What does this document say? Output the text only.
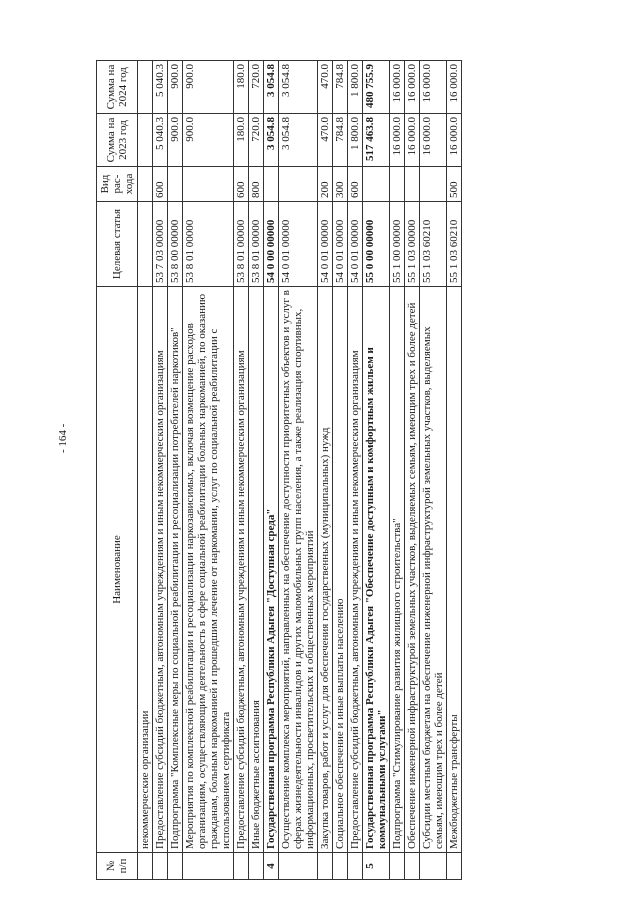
- 164 -
№ п/п	Наименование	Целевая статья	Вид рас-хода	Сумма на 2023 год	Сумма на 2024 год
	некоммерческие организации				
	Предоставление субсидий бюджетным, автономным учреждениям и иным некоммерческим организациям	53 7 03 00000	600	5 040.3	5 040.3
	Подпрограмма "Комплексные меры по социальной реабилитации и ресоциализации потребителей наркотиков"	53 8 00 00000		900.0	900.0
	Мероприятия по комплексной реабилитации и ресоциализации наркозависимых, включая возмещение расходов организациям, осуществляющим деятельность в сфере социальной реабилитации больных наркоманией, по оказанию гражданам, больным наркоманией и прошедшим лечение от наркомании, услуг по социальной реабилитации с использованием сертификата	53 8 01 00000		900.0	900.0
	Предоставление субсидий бюджетным, автономным учреждениям и иным некоммерческим организациям	53 8 01 00000	600	180.0	180.0
	Иные бюджетные ассигнования	53 8 01 00000	800	720.0	720.0
4	Государственная программа Республики Адыгея "Доступная среда"	54 0 00 00000		3 054.8	3 054.8
	Осуществление комплекса мероприятий, направленных на обеспечение доступности приоритетных объектов и услуг в сферах жизнедеятельности инвалидов и других маломобильных групп населения, а также реализация спортивных, информационных, просветительских и общественных мероприятий	54 0 01 00000		3 054.8	3 054.8
	Закупка товаров, работ и услуг для обеспечения государственных (муниципальных) нужд	54 0 01 00000	200	470.0	470.0
	Социальное обеспечение и иные выплаты населению	54 0 01 00000	300	784.8	784.8
	Предоставление субсидий бюджетным, автономным учреждениям и иным некоммерческим организациям	54 0 01 00000	600	1 800.0	1 800.0
5	Государственная программа Республики Адыгея "Обеспечение доступным и комфортным жильем и коммунальными услугами"	55 0 00 00000		517 463.8	480 755.9
	Подпрограмма "Стимулирование развития жилищного строительства"	55 1 00 00000		16 000.0	16 000.0
	Обеспечение инженерной инфраструктурой земельных участков, выделяемых семьям, имеющим трех и более детей	55 1 03 00000		16 000.0	16 000.0
	Субсидии местным бюджетам на обеспечение инженерной инфраструктурой земельных участков, выделяемых семьям, имеющим трех и более детей	55 1 03 60210		16 000.0	16 000.0
	Межбюджетные трансферты	55 1 03 60210	500	16 000.0	16 000.0
